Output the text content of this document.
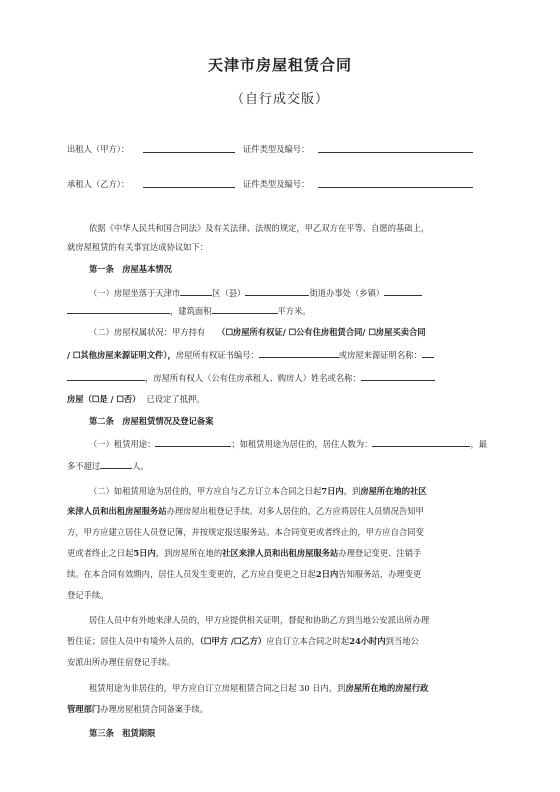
天津市房屋租赁合同
（自行成交版）
出租人（甲方）：	证件类型及编号：
承租人（乙方）：	证件类型及编号：
依据《中华人民共和国合同法》及有关法律、法规的规定，甲乙双方在平等、自愿的基础上，
就房屋租赁的有关事宜达成协议如下：
第一条　房屋基本情况
（一）房屋坐落于天津市	区（县）	街道办事处（乡镇）
，建筑面积	平方米。
（二）房屋权属状况：甲方持有 （☐房屋所有权证/ ☐公有住房租赁合同/ ☐房屋买卖合同
/ ☐其他房屋来源证明文件），房屋所有权证书编号：	或房屋来源证明名称：
，房屋所有权人（公有住房承租人、购房人）姓名或名称：
房屋（☐是 / ☐否） 已设定了抵押。
第二条　房屋租赁情况及登记备案
（一）租赁用途：	；如租赁用途为居住的，居住人数为：	，最
多不超过	人。
（二）如租赁用途为居住的，甲方应自与乙方订立本合同之日起7日内，到房屋所在地的社区
来津人员和出租房屋服务站办理房屋出租登记手续。对多人居住的，乙方应将居住人员情况告知甲
方，甲方应建立居住人员登记簿，并按规定报送服务站。本合同变更或者终止的，甲方应自合同变
更或者终止之日起5日内，到房屋所在地的社区来津人员和出租房屋服务站办理登记变更、注销手
续。在本合同有效期内，居住人员发生变更的，乙方应自变更之日起2日内告知服务站，办理变更
登记手续。
居住人员中有外地来津人员的，甲方应提供相关证明，督促和协助乙方到当地公安派出所办理
暂住证；居住人员中有境外人员的，（☐甲方 /☐乙方）应自订立本合同之时起24小时内到当地公
安派出所办理住宿登记手续。
租赁用途为非居住的，甲方应自订立房屋租赁合同之日起 30 日内，到房屋所在地的房屋行政
管理部门办理房屋租赁合同备案手续。
第三条　租赁期限
